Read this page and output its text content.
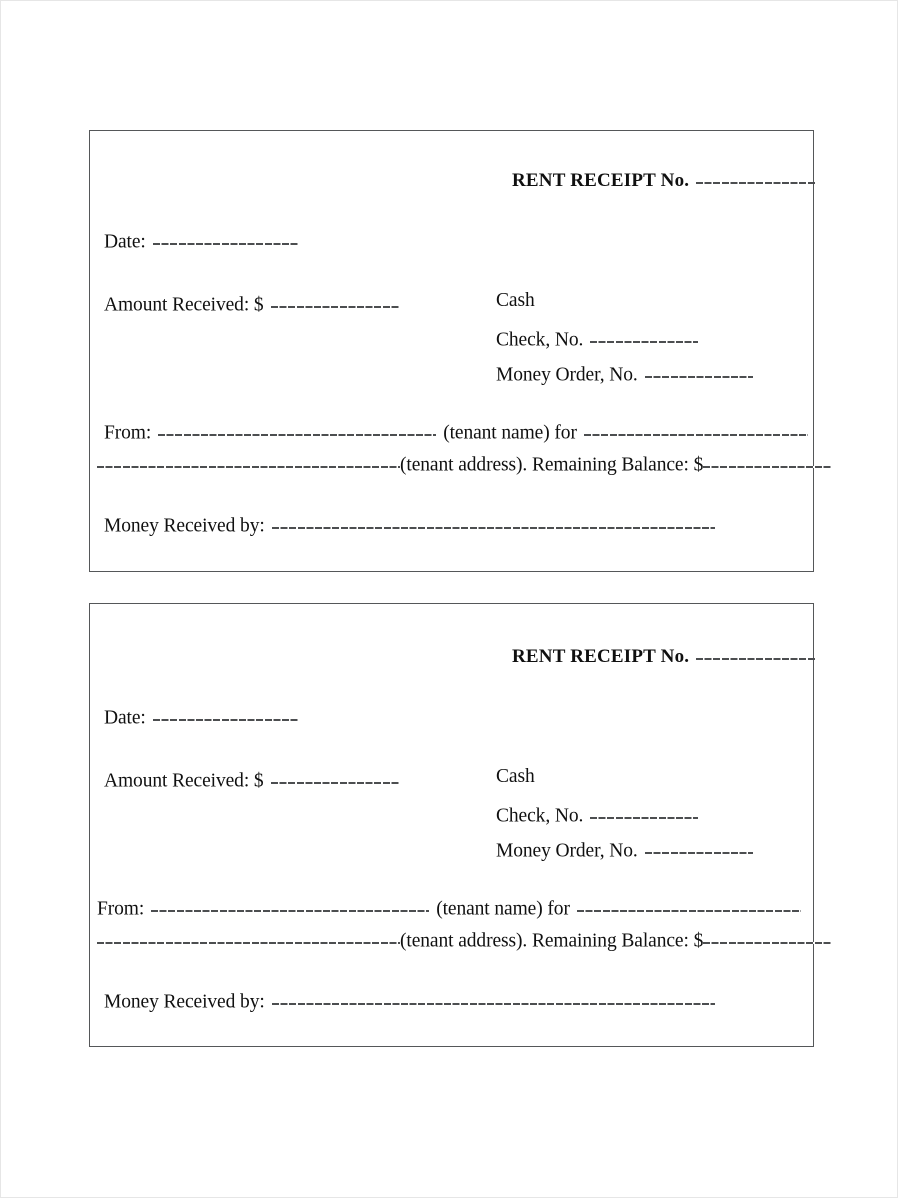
RENT RECEIPT No.
Date:
Amount Received: $	Cash
Check, No.
Money Order, No.
From:	(tenant name) for
(tenant address). Remaining Balance: $
Money Received by:
RENT RECEIPT No.
Date:
Amount Received: $	Cash
Check, No.
Money Order, No.
From:	(tenant name) for
(tenant address). Remaining Balance: $
Money Received by:
